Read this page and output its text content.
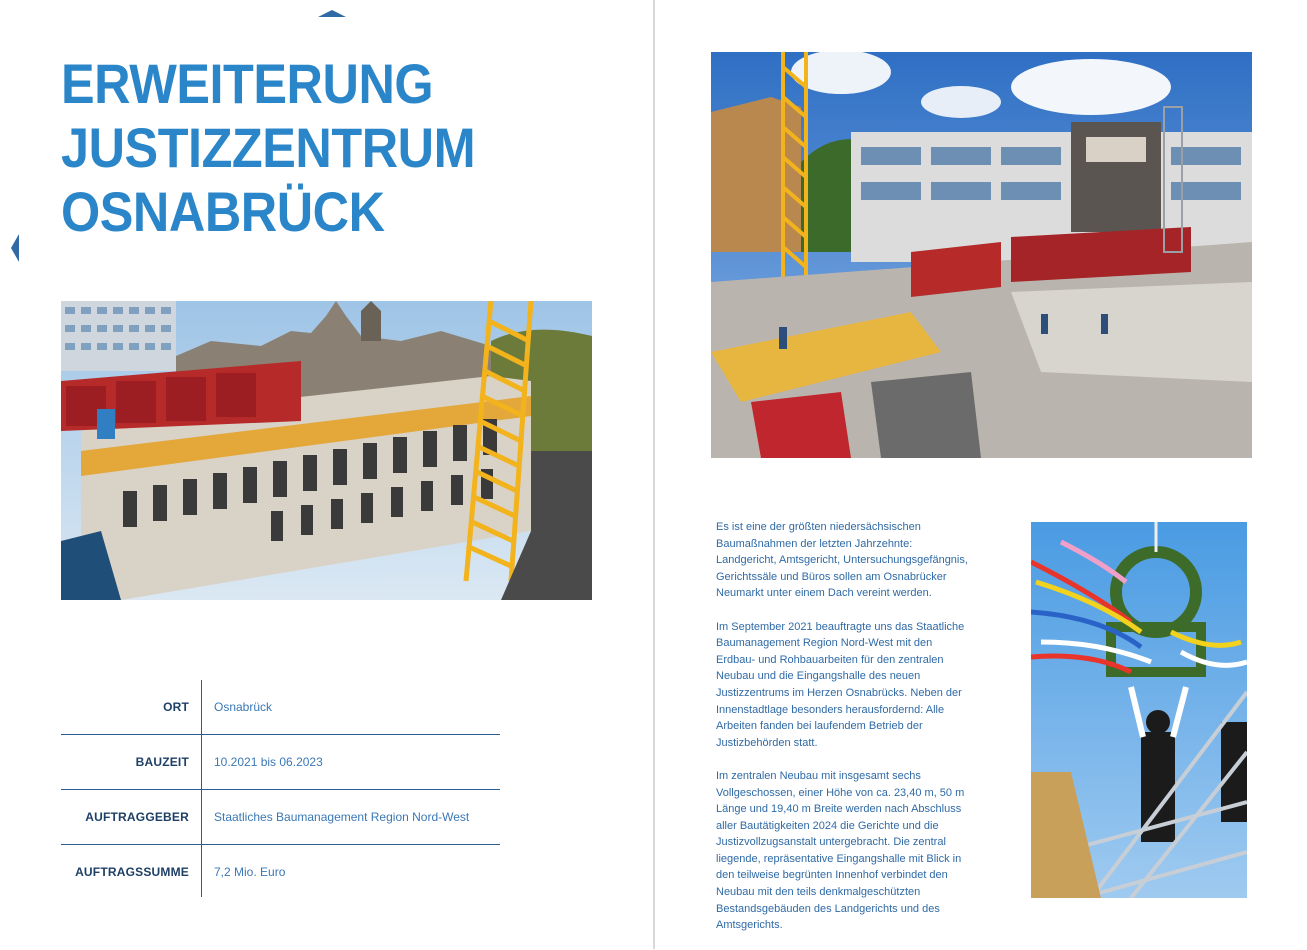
ERWEITERUNG
JUSTIZZENTRUM
OSNABRÜCK
ORT Osnabrück
BAUZEIT 10.2021 bis 06.2023
AUFTRAGGEBER Staatliches Baumanagement Region Nord-West
AUFTRAGSSUMME 7,2 Mio. Euro

Es ist eine der größten niedersächsischen Baumaßnahmen der letzten Jahrzehnte: Landgericht, Amtsgericht, Untersuchungsgefängnis, Gerichtssäle und Büros sollen am Osnabrücker Neumarkt unter einem Dach vereint werden.

Im September 2021 beauftragte uns das Staatliche Baumanagement Region Nord-West mit den Erdbau- und Rohbauarbeiten für den zentralen Neubau und die Eingangshalle des neuen Justizzentrums im Herzen Osnabrücks. Neben der Innenstadtlage besonders herausfordernd: Alle Arbeiten fanden bei laufendem Betrieb der Justizbehörden statt.

Im zentralen Neubau mit insgesamt sechs Vollgeschossen, einer Höhe von ca. 23,40 m, 50 m Länge und 19,40 m Breite werden nach Abschluss aller Bautätigkeiten 2024 die Gerichte und die Justizvollzugsanstalt untergebracht. Die zentral liegende, repräsentative Eingangshalle mit Blick in den teilweise begrünten Innenhof verbindet den Neubau mit den teils denkmalgeschützten Bestandsgebäuden des Landgerichts und des Amtsgerichts.
